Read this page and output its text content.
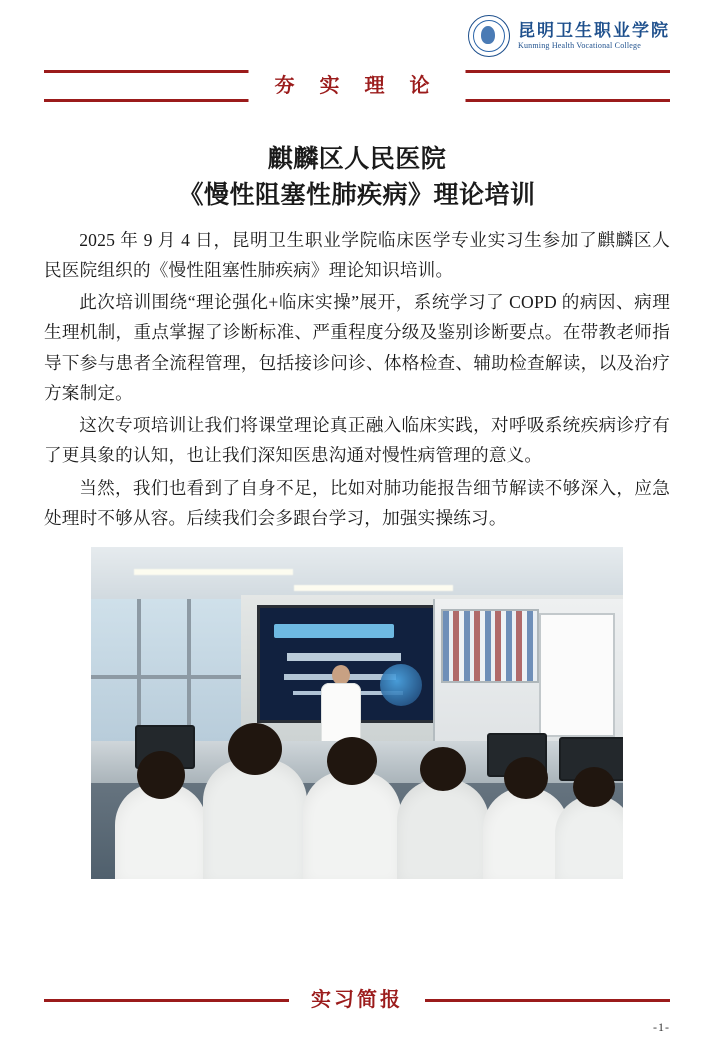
昆明卫生职业学院
Kunming Health Vocational College
夯 实 理 论
麒麟区人民医院
《慢性阻塞性肺疾病》理论培训

2025 年 9 月 4 日，昆明卫生职业学院临床医学专业实习生参加了麒麟区人民医院组织的《慢性阻塞性肺疾病》理论知识培训。

此次培训围绕“理论强化+临床实操”展开，系统学习了 COPD 的病因、病理生理机制，重点掌握了诊断标准、严重程度分级及鉴别诊断要点。在带教老师指导下参与患者全流程管理，包括接诊问诊、体格检查、辅助检查解读，以及治疗方案制定。

这次专项培训让我们将课堂理论真正融入临床实践，对呼吸系统疾病诊疗有了更具象的认知，也让我们深知医患沟通对慢性病管理的意义。

当然，我们也看到了自身不足，比如对肺功能报告细节解读不够深入，应急处理时不够从容。后续我们会多跟台学习，加强实操练习。

实习简报
-1-
